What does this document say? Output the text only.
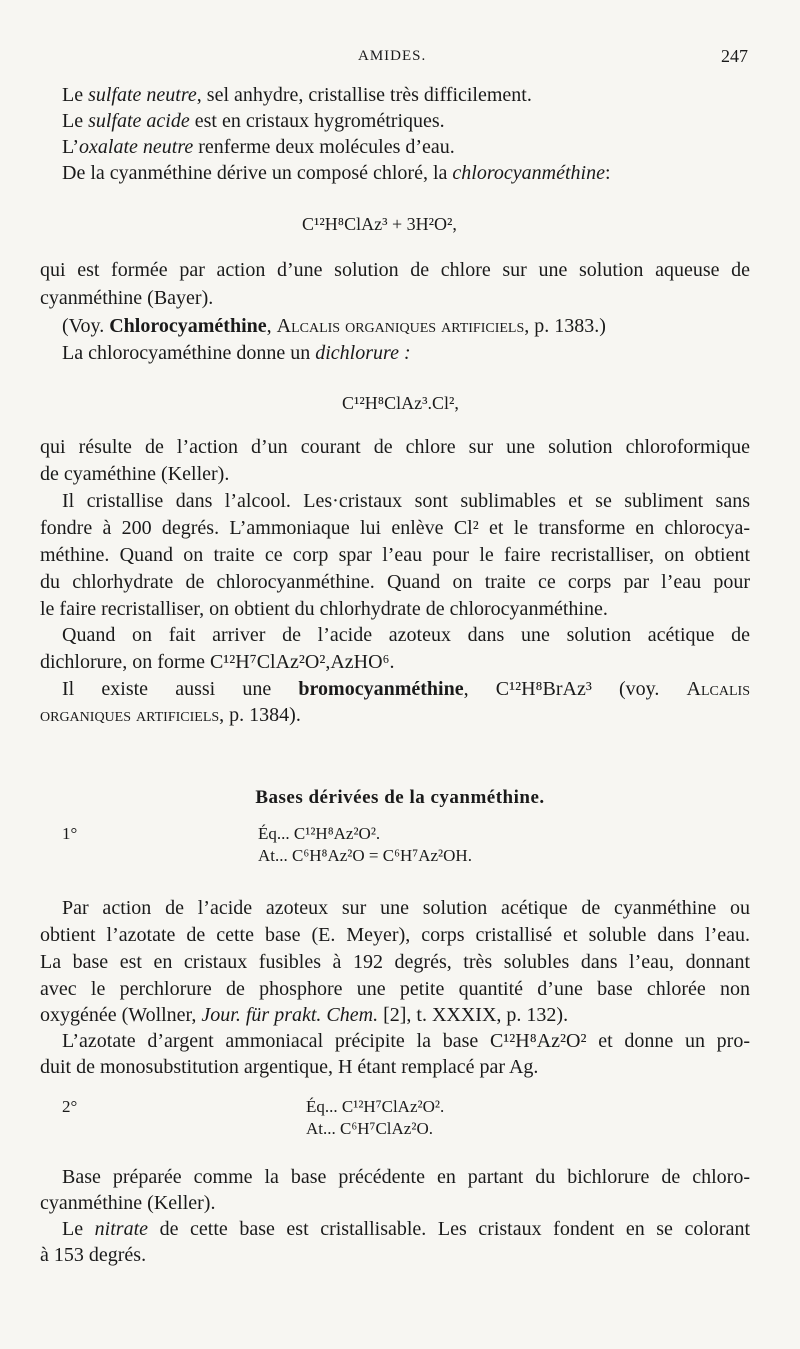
AMIDES.	247
Le sulfate neutre, sel anhydre, cristallise très difficilement.
Le sulfate acide est en cristaux hygrométriques.
L’oxalate neutre renferme deux molécules d’eau.
De la cyanméthine dérive un composé chloré, la chlorocyanméthine:
C¹²H⁸ClAz³ + 3H²O²,
qui est formée par action d’une solution de chlore sur une solution aqueuse de
cyanméthine (Bayer).
(Voy. Chlorocyaméthine, Alcalis organiques artificiels, p. 1383.)
La chlorocyaméthine donne un dichlorure :
C¹²H⁸ClAz³.Cl²,
qui résulte de l’action d’un courant de chlore sur une solution chloroformique
de cyaméthine (Keller).
Il cristallise dans l’alcool. Les·cristaux sont sublimables et se subliment sans
fondre à 200 degrés. L’ammoniaque lui enlève Cl² et le transforme en chlorocya-
méthine. Quand on traite ce corp spar l’eau pour le faire recristalliser, on obtient
du chlorhydrate de chlorocyanméthine. Quand on traite ce corps par l’eau pour
le faire recristalliser, on obtient du chlorhydrate de chlorocyanméthine.
Quand on fait arriver de l’acide azoteux dans une solution acétique de
dichlorure, on forme C¹²H⁷ClAz²O²,AzHO⁶.
Il existe aussi une bromocyanméthine, C¹²H⁸BrAz³ (voy. Alcalis
organiques artificiels, p. 1384).
Bases dérivées de la cyanméthine.
1°	Éq... C¹²H⁸Az²O².
At... C⁶H⁸Az²O = C⁶H⁷Az²OH.
Par action de l’acide azoteux sur une solution acétique de cyanméthine ou
obtient l’azotate de cette base (E. Meyer), corps cristallisé et soluble dans l’eau.
La base est en cristaux fusibles à 192 degrés, très solubles dans l’eau, donnant
avec le perchlorure de phosphore une petite quantité d’une base chlorée non
oxygénée (Wollner, Jour. für prakt. Chem. [2], t. XXXIX, p. 132).
L’azotate d’argent ammoniacal précipite la base C¹²H⁸Az²O² et donne un pro-
duit de monosubstitution argentique, H étant remplacé par Ag.
2°	Éq... C¹²H⁷ClAz²O².
At... C⁶H⁷ClAz²O.
Base préparée comme la base précédente en partant du bichlorure de chloro-
cyanméthine (Keller).
Le nitrate de cette base est cristallisable. Les cristaux fondent en se colorant
à 153 degrés.
